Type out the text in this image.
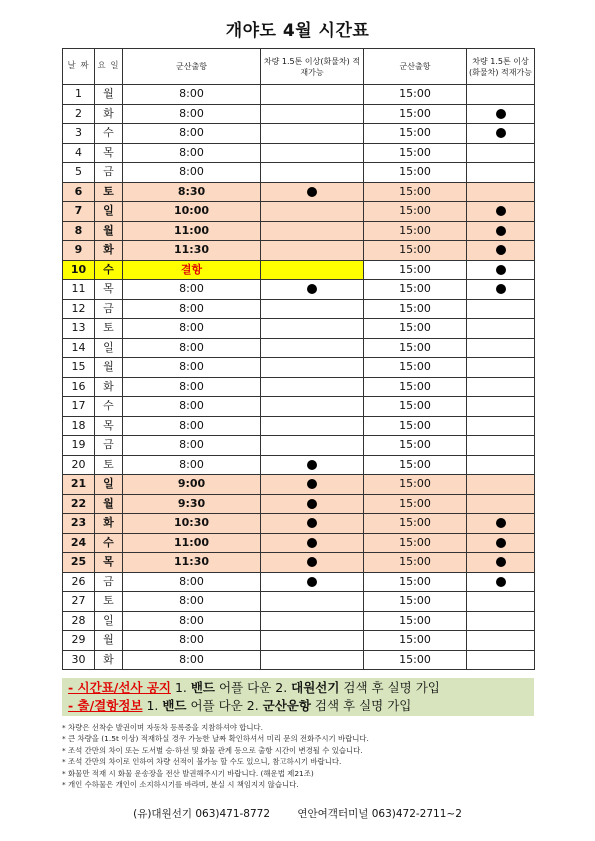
개야도 4월 시간표
날 짜	요 일	군산출항	차량 1.5톤 이상(화물차) 적재가능	군산출항	차량 1.5톤 이상(화물차) 적재가능
1	월	8:00		15:00	
2	화	8:00		15:00	
3	수	8:00		15:00	
4	목	8:00		15:00	
5	금	8:00		15:00	
6	토	8:30		15:00	
7	일	10:00		15:00	
8	월	11:00		15:00	
9	화	11:30		15:00	
10	수	결항		15:00	
11	목	8:00		15:00	
12	금	8:00		15:00	
13	토	8:00		15:00	
14	일	8:00		15:00	
15	월	8:00		15:00	
16	화	8:00		15:00	
17	수	8:00		15:00	
18	목	8:00		15:00	
19	금	8:00		15:00	
20	토	8:00		15:00	
21	일	9:00		15:00	
22	월	9:30		15:00	
23	화	10:30		15:00	
24	수	11:00		15:00	
25	목	11:30		15:00	
26	금	8:00		15:00	
27	토	8:00		15:00	
28	일	8:00		15:00	
29	월	8:00		15:00	
30	화	8:00		15:00	
- 시간표/선사 공지 1. 밴드 어플 다운 2. 대원선기 검색 후 실명 가입
- 출/결항정보 1. 밴드 어플 다운 2. 군산운항 검색 후 실명 가입
* 차량은 선착순 발권이며 자동차 등록증을 지참하셔야 합니다.
* 큰 차량을 (1.5t 이상) 적재하실 경우 가능한 날짜 확인하셔서 미리 문의 전화주시기 바랍니다.
* 조석 간만의 차이 또는 도서별 승·하선 및 화물 관계 등으로 출항 시간이 변경될 수 있습니다.
* 조석 간만의 차이로 인하여 차량 선적이 불가능 할 수도 있으니, 참고하시기 바랍니다.
* 화물만 적재 시 화물 운송장을 전산 발권해주시기 바랍니다. (해운법 제21조)
* 개인 수하물은 개인이 소지하시기를 바라며, 분실 시 책임지지 않습니다.
(유)대원선기 063)471-8772	연안여객터미널 063)472-2711~2
